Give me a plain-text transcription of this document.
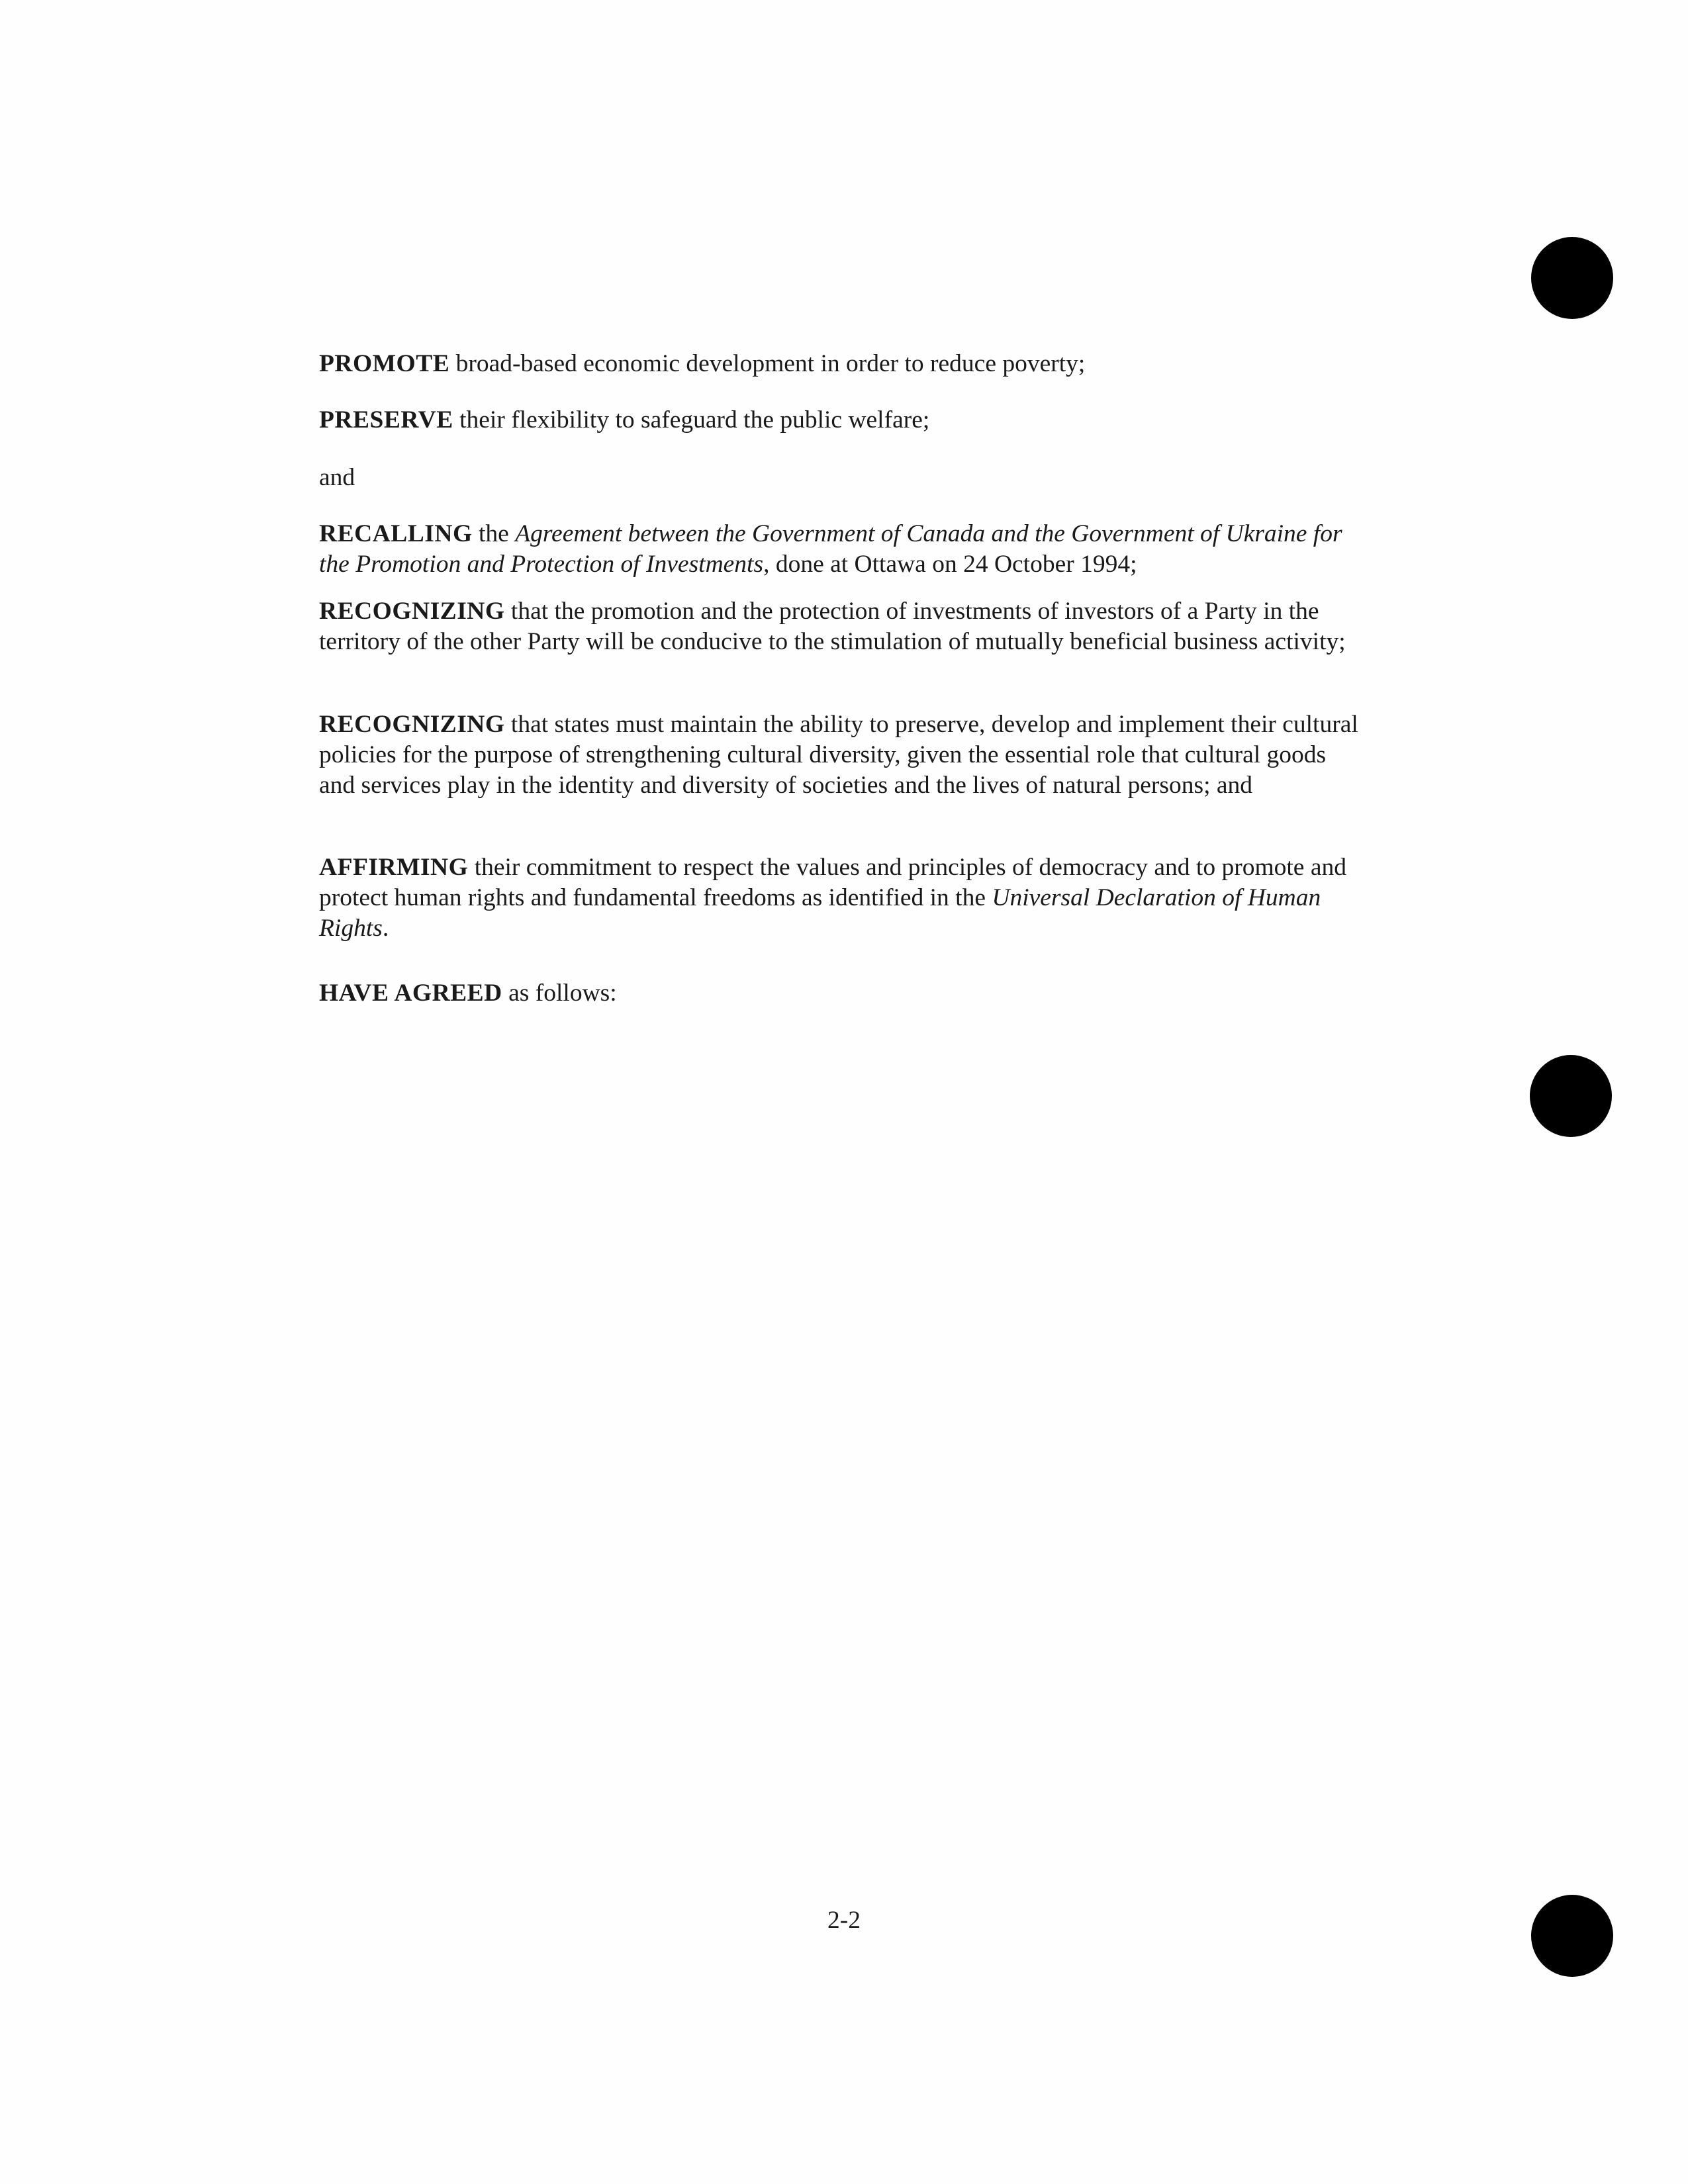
PROMOTE broad-based economic development in order to reduce poverty;

PRESERVE their flexibility to safeguard the public welfare;

and

RECALLING the Agreement between the Government of Canada and the Government of Ukraine for the Promotion and Protection of Investments, done at Ottawa on 24 October 1994;

RECOGNIZING that the promotion and the protection of investments of investors of a Party in the territory of the other Party will be conducive to the stimulation of mutually beneficial business activity;

RECOGNIZING that states must maintain the ability to preserve, develop and implement their cultural policies for the purpose of strengthening cultural diversity, given the essential role that cultural goods and services play in the identity and diversity of societies and the lives of natural persons; and

AFFIRMING their commitment to respect the values and principles of democracy and to promote and protect human rights and fundamental freedoms as identified in the Universal Declaration of Human Rights.

HAVE AGREED as follows:

2-2
